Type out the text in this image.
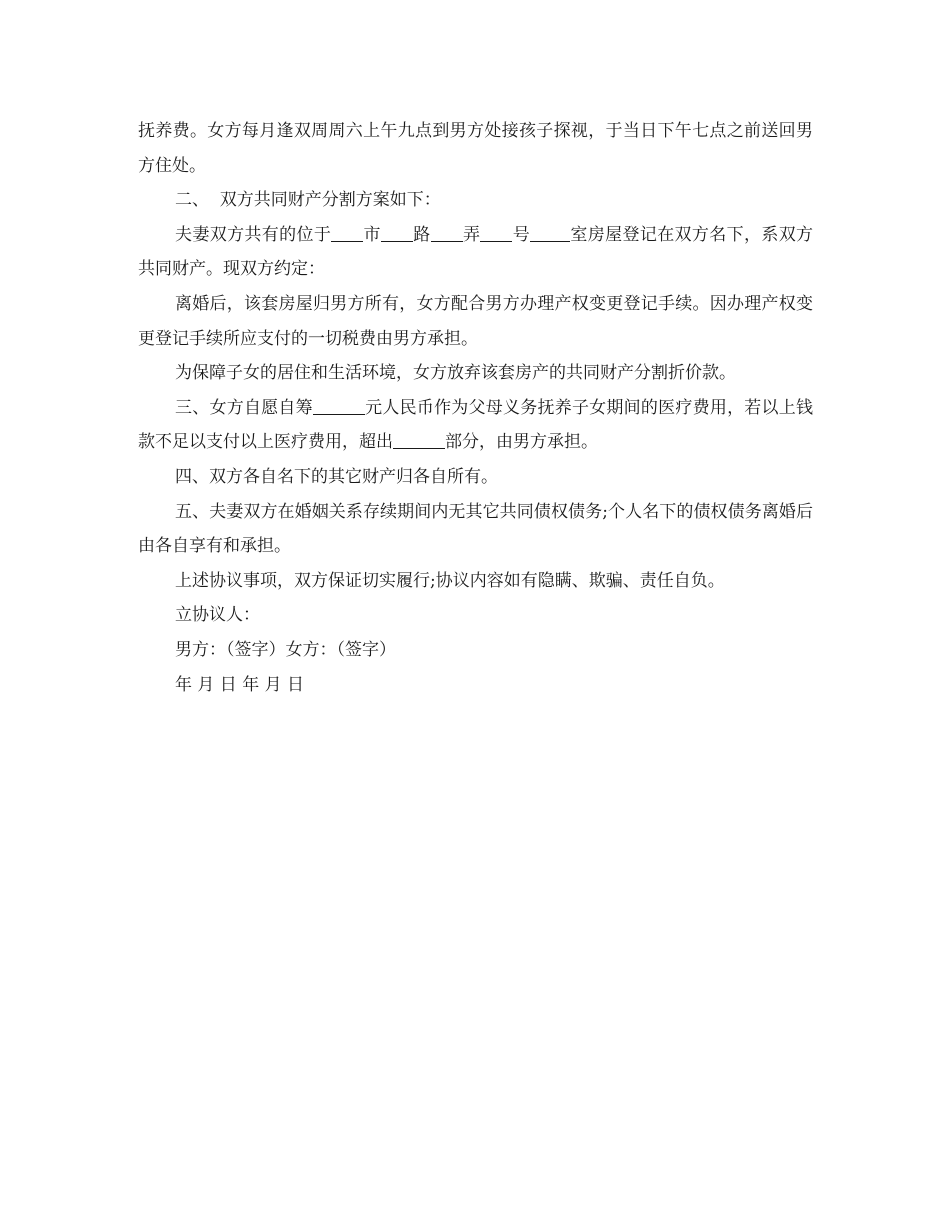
抚养费。女方每月逢双周周六上午九点到男方处接孩子探视，于当日下午七点之前送回男方住处。

二、  双方共同财产分割方案如下：

夫妻双方共有的位于 市 路 弄 号 室房屋登记在双方名下，系双方共同财产。现双方约定：

离婚后，该套房屋归男方所有，女方配合男方办理产权变更登记手续。因办理产权变更登记手续所应支付的一切税费由男方承担。

为保障子女的居住和生活环境，女方放弃该套房产的共同财产分割折价款。

三、女方自愿自筹	元人民币作为父母义务抚养子女期间的医疗费用，若以上钱款不足以支付以上医疗费用，超出	部分，由男方承担。

四、双方各自名下的其它财产归各自所有。

五、夫妻双方在婚姻关系存续期间内无其它共同债权债务;个人名下的债权债务离婚后由各自享有和承担。

上述协议事项，双方保证切实履行;协议内容如有隐瞒、欺骗、责任自负。

立协议人：

男方：（签字）女方：（签字）

年 月 日 年 月 日
